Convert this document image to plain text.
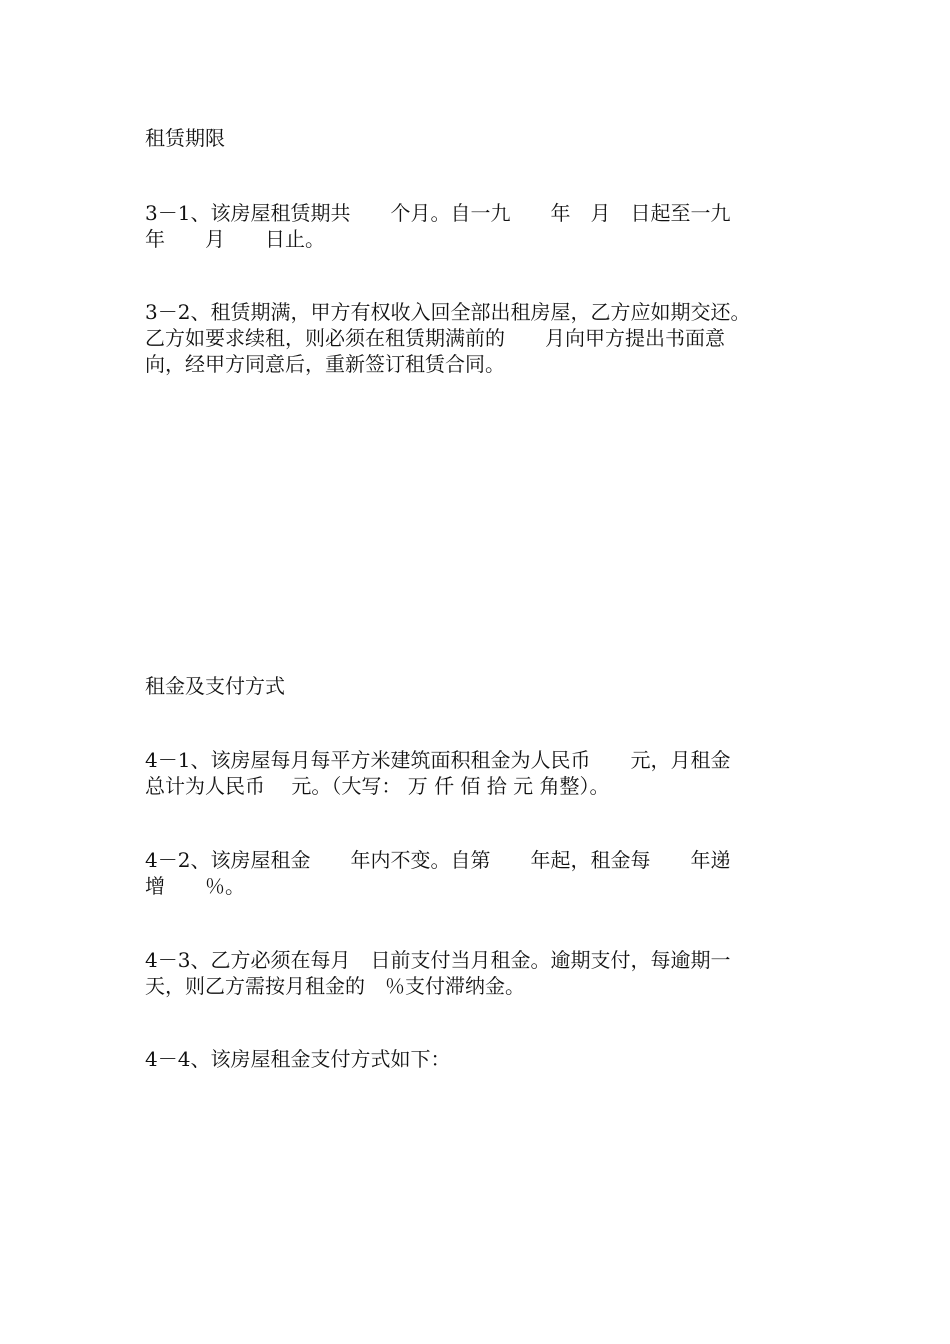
租赁期限

3－1、该房屋租赁期共　　个月。自一九　　年　月　日起至一九

年　　月　　日止。

3－2、租赁期满，甲方有权收入回全部出租房屋，乙方应如期交还。

乙方如要求续租，则必须在租赁期满前的　　月向甲方提出书面意

向，经甲方同意后，重新签订租赁合同。

租金及支付方式

4－1、该房屋每月每平方米建筑面积租金为人民币　　元，月租金

总计为人民币　 元。（大写： 万 仟 佰 拾 元 角整）。

4－2、该房屋租金　　年内不变。自第　　年起，租金每　　年递

增　　％。

4－3、乙方必须在每月　日前支付当月租金。逾期支付，每逾期一

天，则乙方需按月租金的　％支付滞纳金。

4－4、该房屋租金支付方式如下：
